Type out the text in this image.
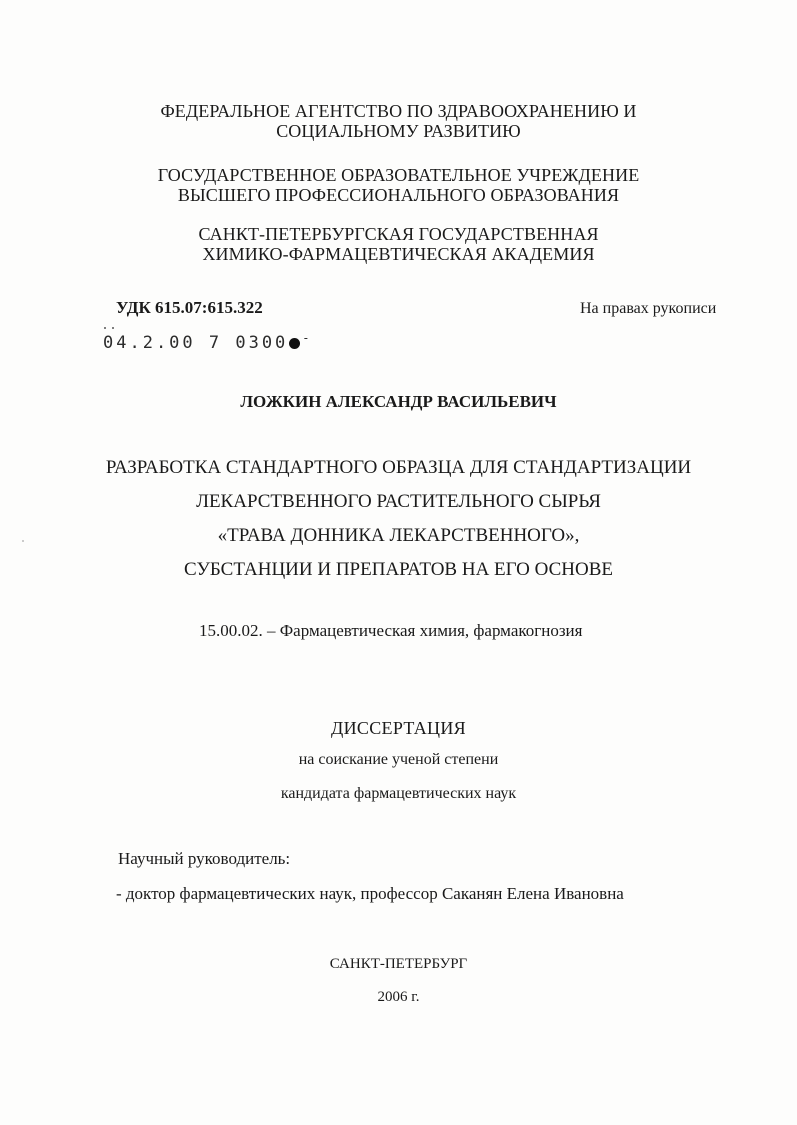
ФЕДЕРАЛЬНОЕ АГЕНТСТВО ПО ЗДРАВООХРАНЕНИЮ И
СОЦИАЛЬНОМУ РАЗВИТИЮ
ГОСУДАРСТВЕННОЕ ОБРАЗОВАТЕЛЬНОЕ УЧРЕЖДЕНИЕ
ВЫСШЕГО ПРОФЕССИОНАЛЬНОГО ОБРАЗОВАНИЯ
САНКТ-ПЕТЕРБУРГСКАЯ ГОСУДАРСТВЕННАЯ
ХИМИКО-ФАРМАЦЕВТИЧЕСКАЯ АКАДЕМИЯ
УДК 615.07:615.322	На правах рукописи
04.2.00 7 0300 -
ЛОЖКИН АЛЕКСАНДР ВАСИЛЬЕВИЧ
РАЗРАБОТКА СТАНДАРТНОГО ОБРАЗЦА ДЛЯ СТАНДАРТИЗАЦИИ
ЛЕКАРСТВЕННОГО РАСТИТЕЛЬНОГО СЫРЬЯ
«ТРАВА ДОННИКА ЛЕКАРСТВЕННОГО»,
СУБСТАНЦИИ И ПРЕПАРАТОВ НА ЕГО ОСНОВЕ
15.00.02. – Фармацевтическая химия, фармакогнозия
ДИССЕРТАЦИЯ
на соискание ученой степени
кандидата фармацевтических наук
Научный руководитель:
- доктор фармацевтических наук, профессор Саканян Елена Ивановна
САНКТ-ПЕТЕРБУРГ
2006 г.
